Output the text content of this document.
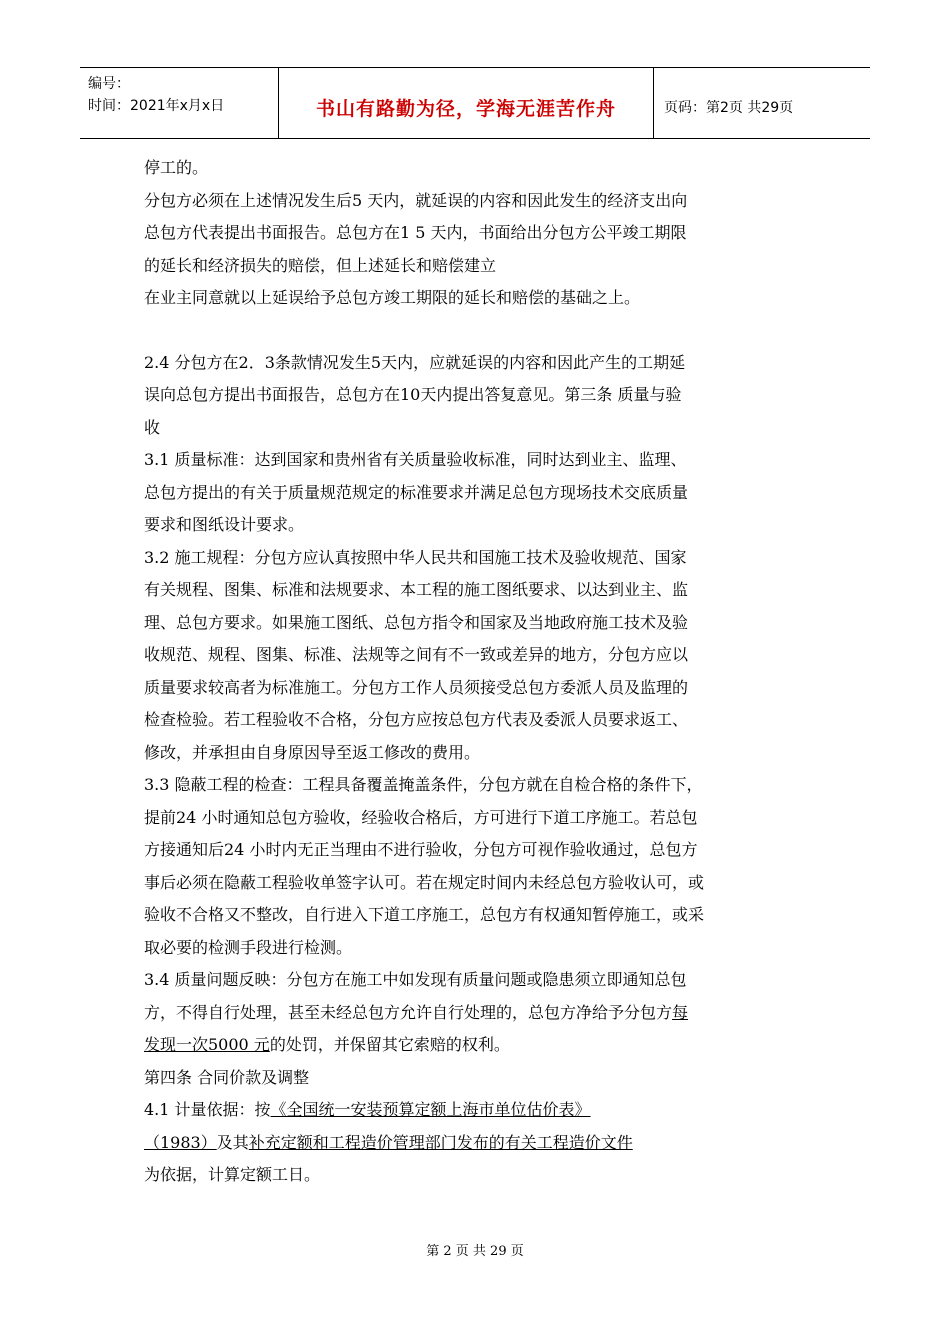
编号：
时间：2021年x月x日	书山有路勤为径，学海无涯苦作舟	页码：第2页 共29页

停工的。

分包方必须在上述情况发生后5 天内，就延误的内容和因此发生的经济支出向

总包方代表提出书面报告。总包方在1 5 天内，书面给出分包方公平竣工期限

的延长和经济损失的赔偿，但上述延长和赔偿建立

在业主同意就以上延误给予总包方竣工期限的延长和赔偿的基础之上。

2.4 分包方在2．3条款情况发生5天内，应就延误的内容和因此产生的工期延

误向总包方提出书面报告，总包方在10天内提出答复意见。第三条 质量与验

收

3.1 质量标准：达到国家和贵州省有关质量验收标准，同时达到业主、监理、

总包方提出的有关于质量规范规定的标准要求并满足总包方现场技术交底质量

要求和图纸设计要求。

3.2 施工规程：分包方应认真按照中华人民共和国施工技术及验收规范、国家

有关规程、图集、标准和法规要求、本工程的施工图纸要求、以达到业主、监

理、总包方要求。如果施工图纸、总包方指令和国家及当地政府施工技术及验

收规范、规程、图集、标准、法规等之间有不一致或差异的地方，分包方应以

质量要求较高者为标准施工。分包方工作人员须接受总包方委派人员及监理的

检查检验。若工程验收不合格，分包方应按总包方代表及委派人员要求返工、

修改，并承担由自身原因导至返工修改的费用。

3.3 隐蔽工程的检查：工程具备覆盖掩盖条件，分包方就在自检合格的条件下，

提前24 小时通知总包方验收，经验收合格后，方可进行下道工序施工。若总包

方接通知后24 小时内无正当理由不进行验收，分包方可视作验收通过，总包方

事后必须在隐蔽工程验收单签字认可。若在规定时间内未经总包方验收认可，或

验收不合格又不整改，自行进入下道工序施工，总包方有权通知暂停施工，或采

取必要的检测手段进行检测。

3.4 质量问题反映：分包方在施工中如发现有质量问题或隐患须立即通知总包

方，不得自行处理，甚至未经总包方允许自行处理的，总包方净给予分包方每

发现一次5000 元的处罚，并保留其它索赔的权利。

第四条 合同价款及调整

4.1 计量依据：按《全国统一安装预算定额上海市单位估价表》

（1983）及其补充定额和工程造价管理部门发布的有关工程造价文件

为依据，计算定额工日。

第 2 页 共 29 页
